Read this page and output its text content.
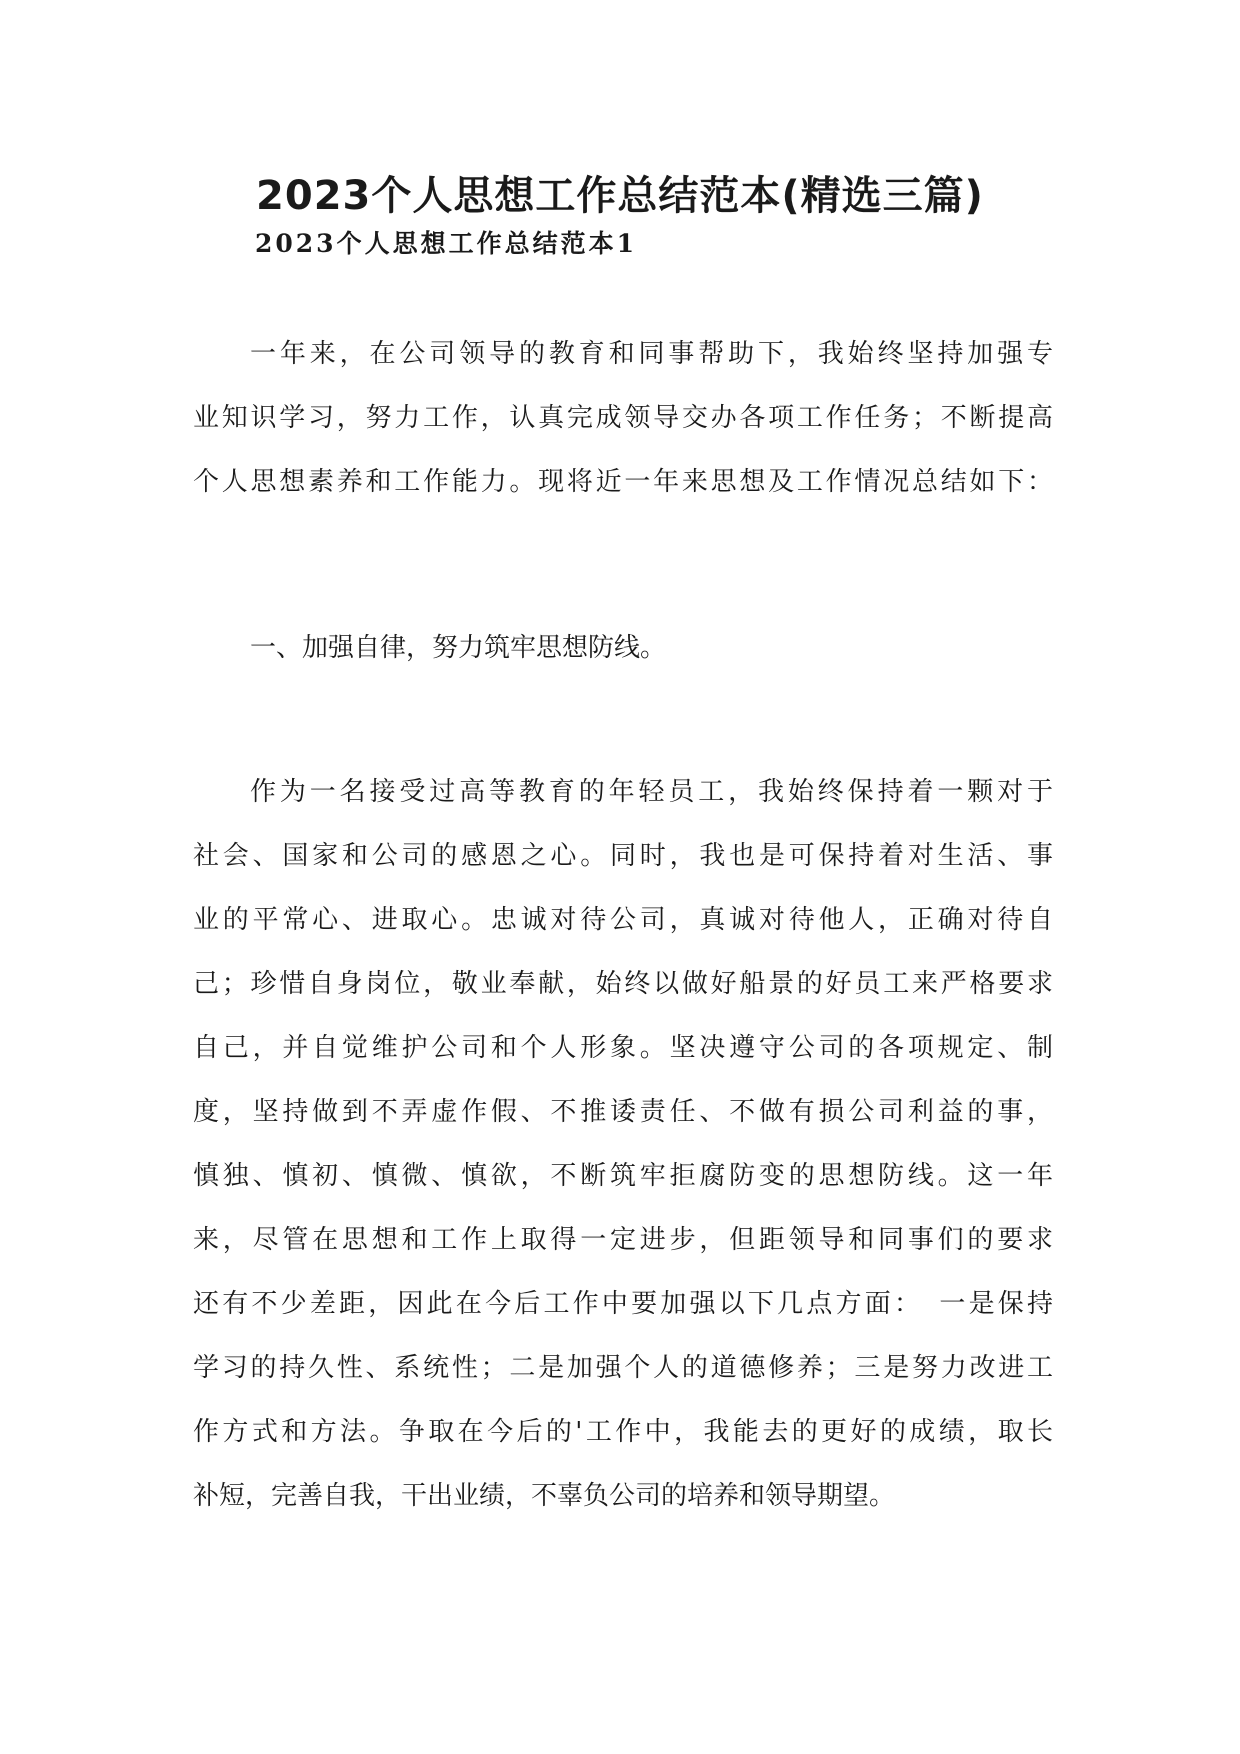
2023个人思想工作总结范本(精选三篇)
2023个人思想工作总结范本1
一年来，在公司领导的教育和同事帮助下，我始终坚持加强专
业知识学习，努力工作，认真完成领导交办各项工作任务；不断提高
个人思想素养和工作能力。现将近一年来思想及工作情况总结如下：
一、加强自律，努力筑牢思想防线。
作为一名接受过高等教育的年轻员工，我始终保持着一颗对于
社会、国家和公司的感恩之心。同时，我也是可保持着对生活、事
业的平常心、进取心。忠诚对待公司，真诚对待他人，正确对待自
己；珍惜自身岗位，敬业奉献，始终以做好船景的好员工来严格要求
自己，并自觉维护公司和个人形象。坚决遵守公司的各项规定、制
度，坚持做到不弄虚作假、不推诿责任、不做有损公司利益的事，
慎独、慎初、慎微、慎欲，不断筑牢拒腐防变的思想防线。这一年
来，尽管在思想和工作上取得一定进步，但距领导和同事们的要求
还有不少差距，因此在今后工作中要加强以下几点方面：　一是保持
学习的持久性、系统性；二是加强个人的道德修养；三是努力改进工
作方式和方法。争取在今后的'工作中，我能去的更好的成绩，取长
补短，完善自我，干出业绩，不辜负公司的培养和领导期望。
